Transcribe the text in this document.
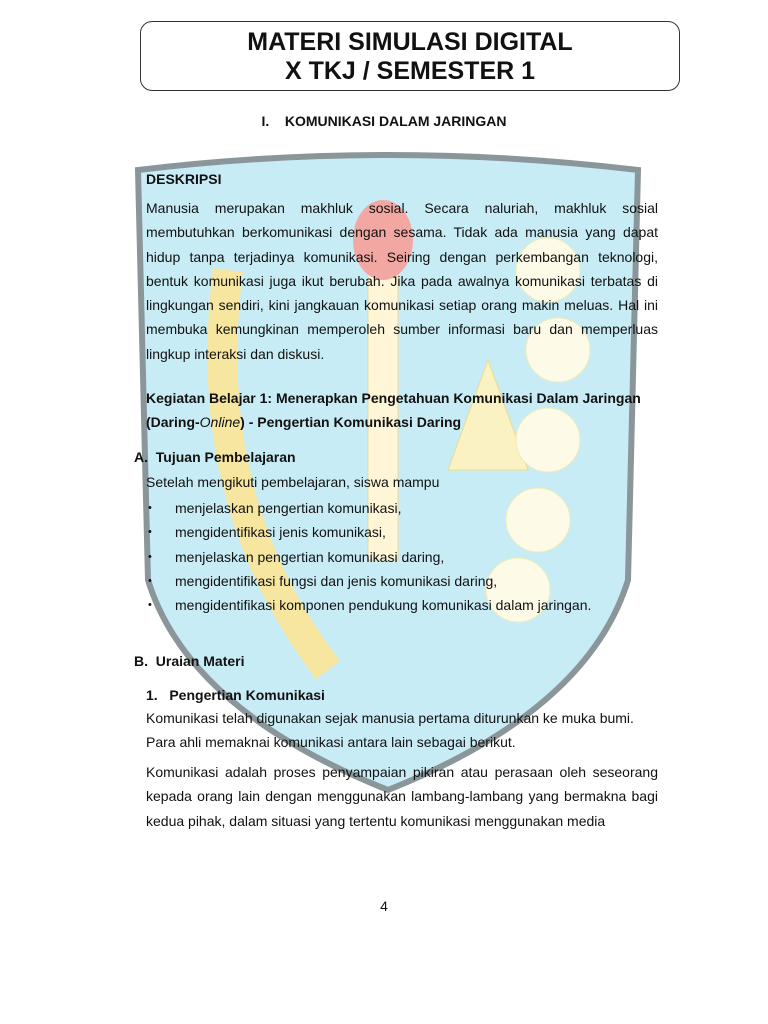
MATERI SIMULASI DIGITAL
X TKJ / SEMESTER 1
I.    KOMUNIKASI DALAM JARINGAN
DESKRIPSI

Manusia merupakan makhluk sosial. Secara naluriah, makhluk sosial membutuhkan berkomunikasi dengan sesama. Tidak ada manusia yang dapat hidup tanpa terjadinya komunikasi. Seiring dengan perkembangan teknologi, bentuk komunikasi juga ikut berubah. Jika pada awalnya komunikasi terbatas di lingkungan sendiri, kini jangkauan komunikasi setiap orang makin meluas. Hal ini membuka kemungkinan memperoleh sumber informasi baru dan memperluas lingkup interaksi dan diskusi.

Kegiatan Belajar 1: Menerapkan Pengetahuan Komunikasi Dalam Jaringan
(Daring-Online) - Pengertian Komunikasi Daring
A.  Tujuan Pembelajaran
Setelah mengikuti pembelajaran, siswa mampu
• menjelaskan pengertian komunikasi,
• mengidentifikasi jenis komunikasi,
• menjelaskan pengertian komunikasi daring,
• mengidentifikasi fungsi dan jenis komunikasi daring,
• mengidentifikasi komponen pendukung komunikasi dalam jaringan.
B.  Uraian Materi
1.   Pengertian Komunikasi

Komunikasi telah digunakan sejak manusia pertama diturunkan ke muka bumi. Para ahli memaknai komunikasi antara lain sebagai berikut.

Komunikasi adalah proses penyampaian pikiran atau perasaan oleh seseorang kepada orang lain dengan menggunakan lambang-lambang yang bermakna bagi kedua pihak, dalam situasi yang tertentu komunikasi menggunakan media

4
